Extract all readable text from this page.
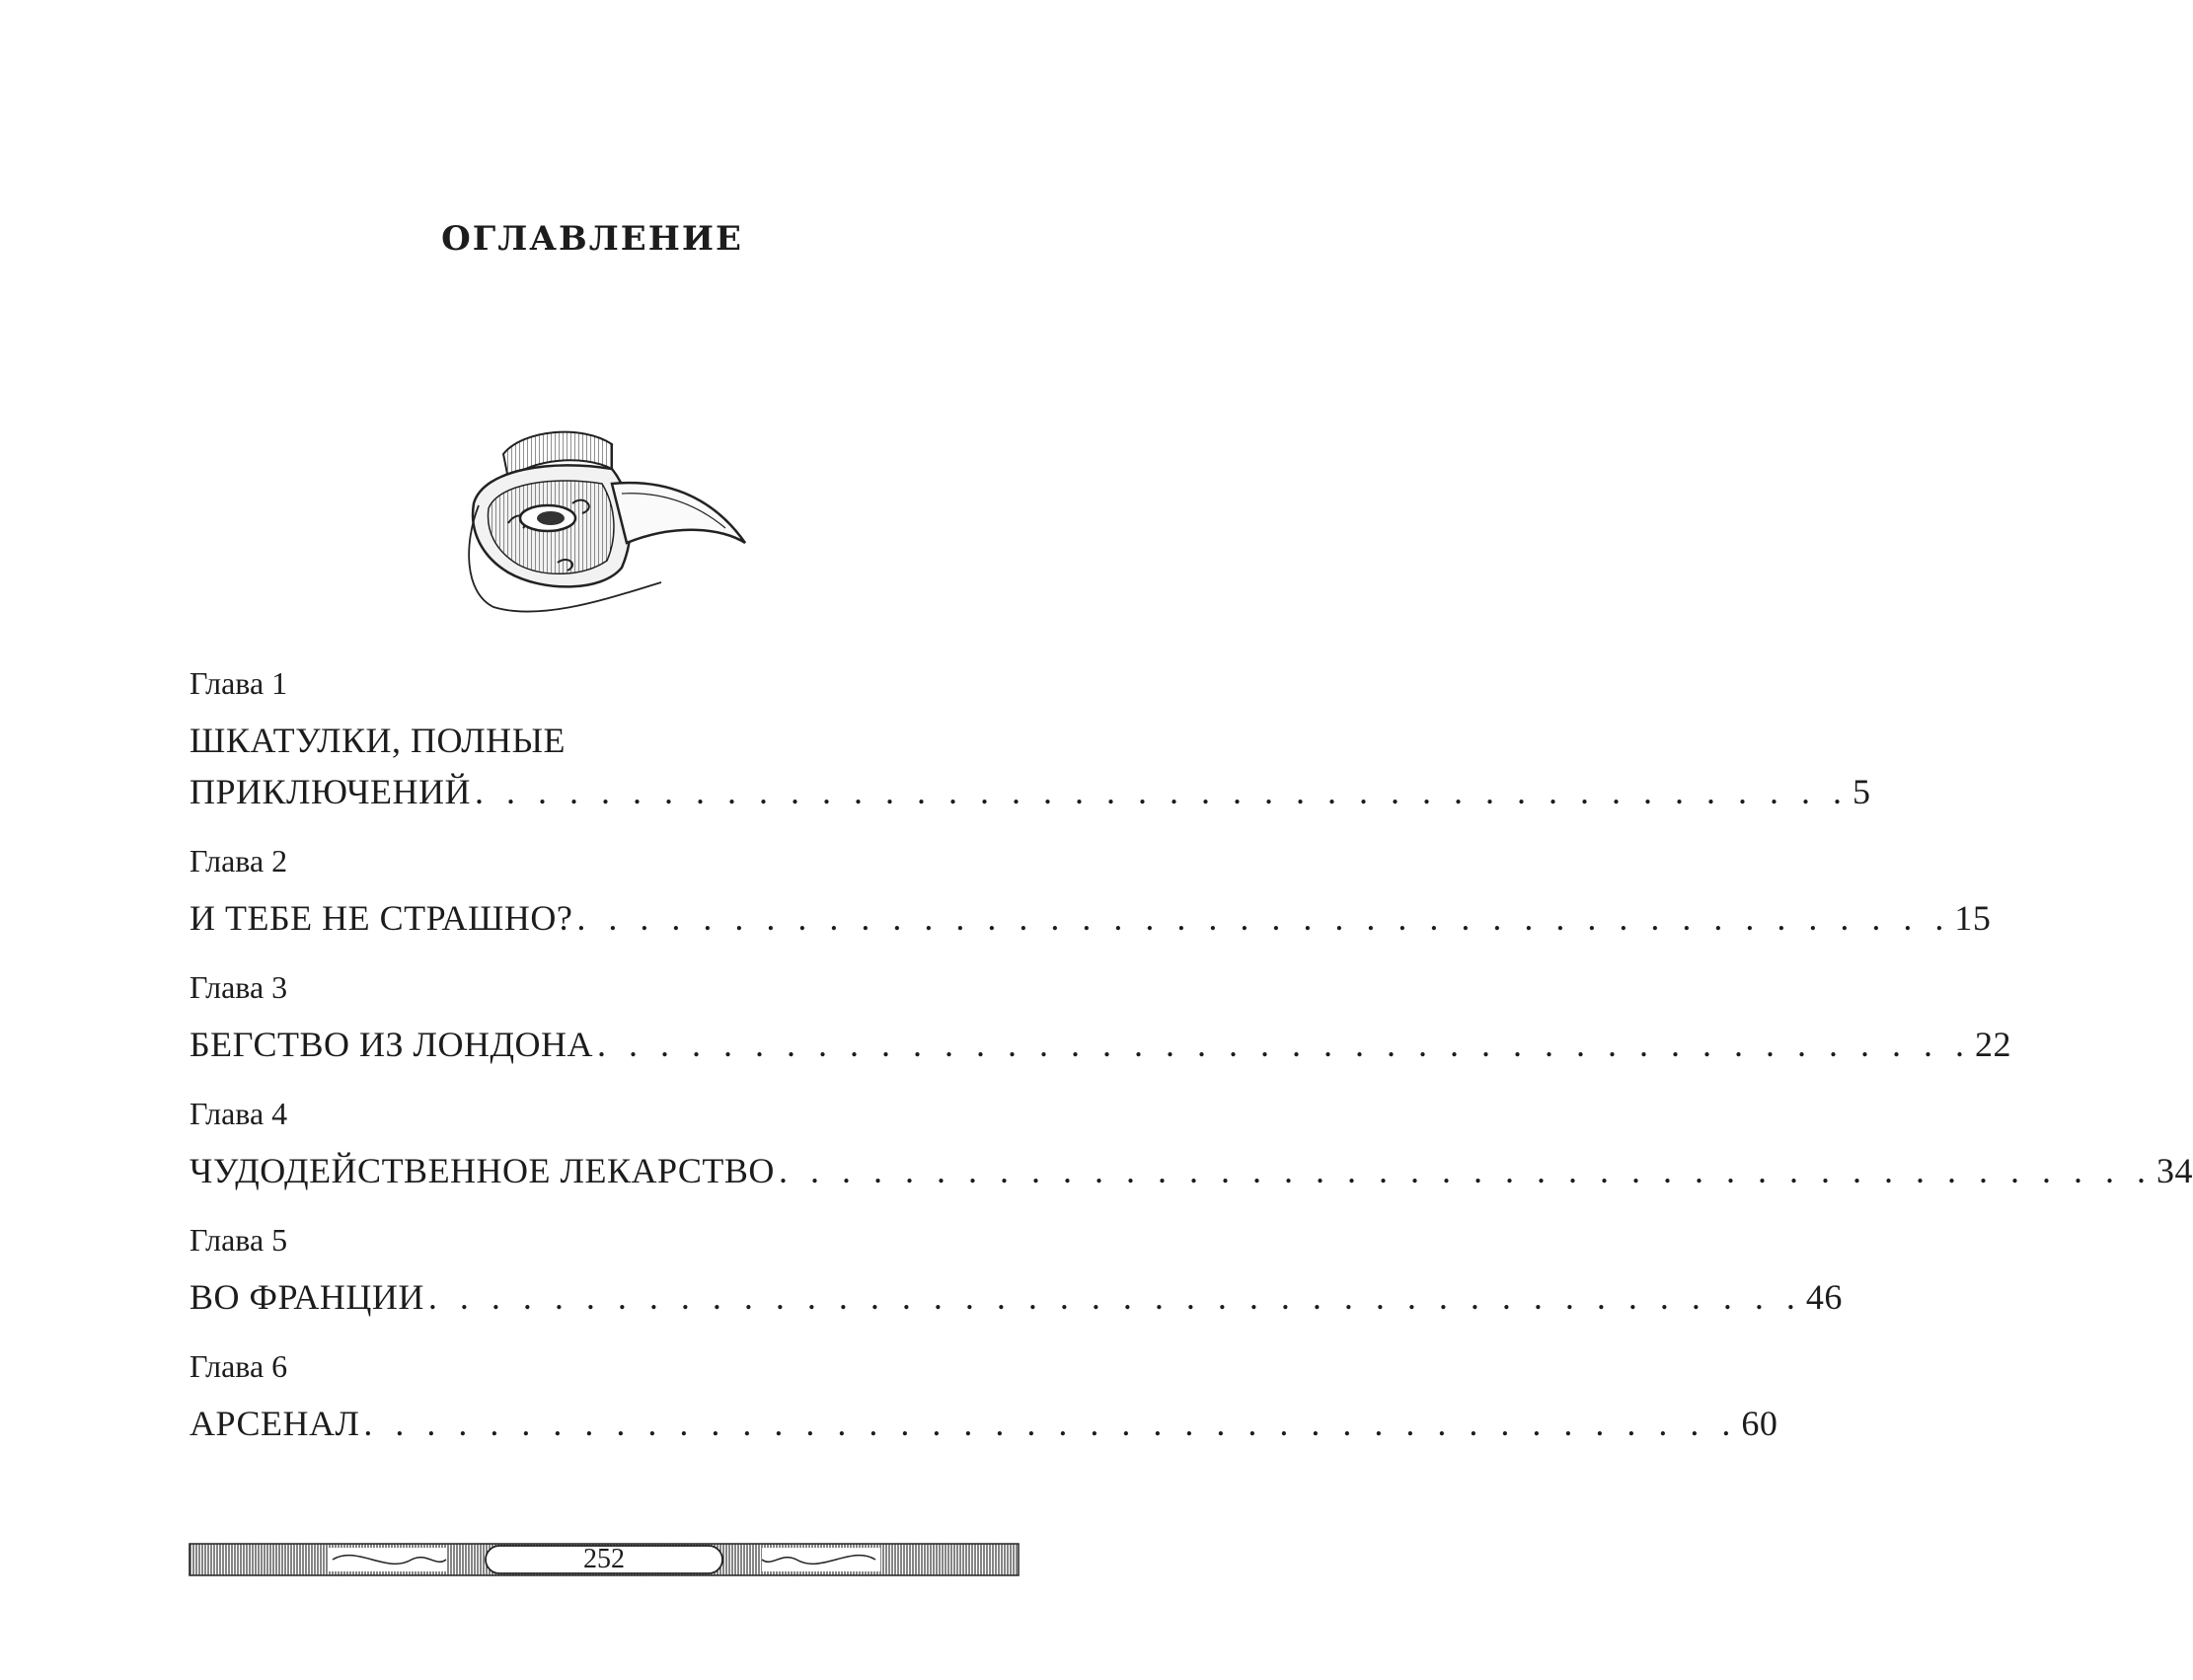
ОГЛАВЛЕНИЕ
Глава 1
ШКАТУЛКИ, ПОЛНЫЕ
ПРИКЛЮЧЕНИЙ . . . . . . . . . . . . . . . . . . . . . . . . . . . . . . . . . . . . . . . . . . . . 5
Глава 2
И ТЕБЕ НЕ СТРАШНО? . . . . . . . . . . . . . . . . . . . . . . . . . . . . . . . . . . . . . . . . . . . . 15
Глава 3
БЕГСТВО ИЗ ЛОНДОНА . . . . . . . . . . . . . . . . . . . . . . . . . . . . . . . . . . . . . . . . . . . . 22
Глава 4
ЧУДОДЕЙСТВЕННОЕ ЛЕКАРСТВО . . . . . . . . . . . . . . . . . . . . . . . . . . . . . . . . . . . . . . . . . . . . 34
Глава 5
ВО ФРАНЦИИ . . . . . . . . . . . . . . . . . . . . . . . . . . . . . . . . . . . . . . . . . . . . 46
Глава 6
АРСЕНАЛ . . . . . . . . . . . . . . . . . . . . . . . . . . . . . . . . . . . . . . . . . . . . 60
252
